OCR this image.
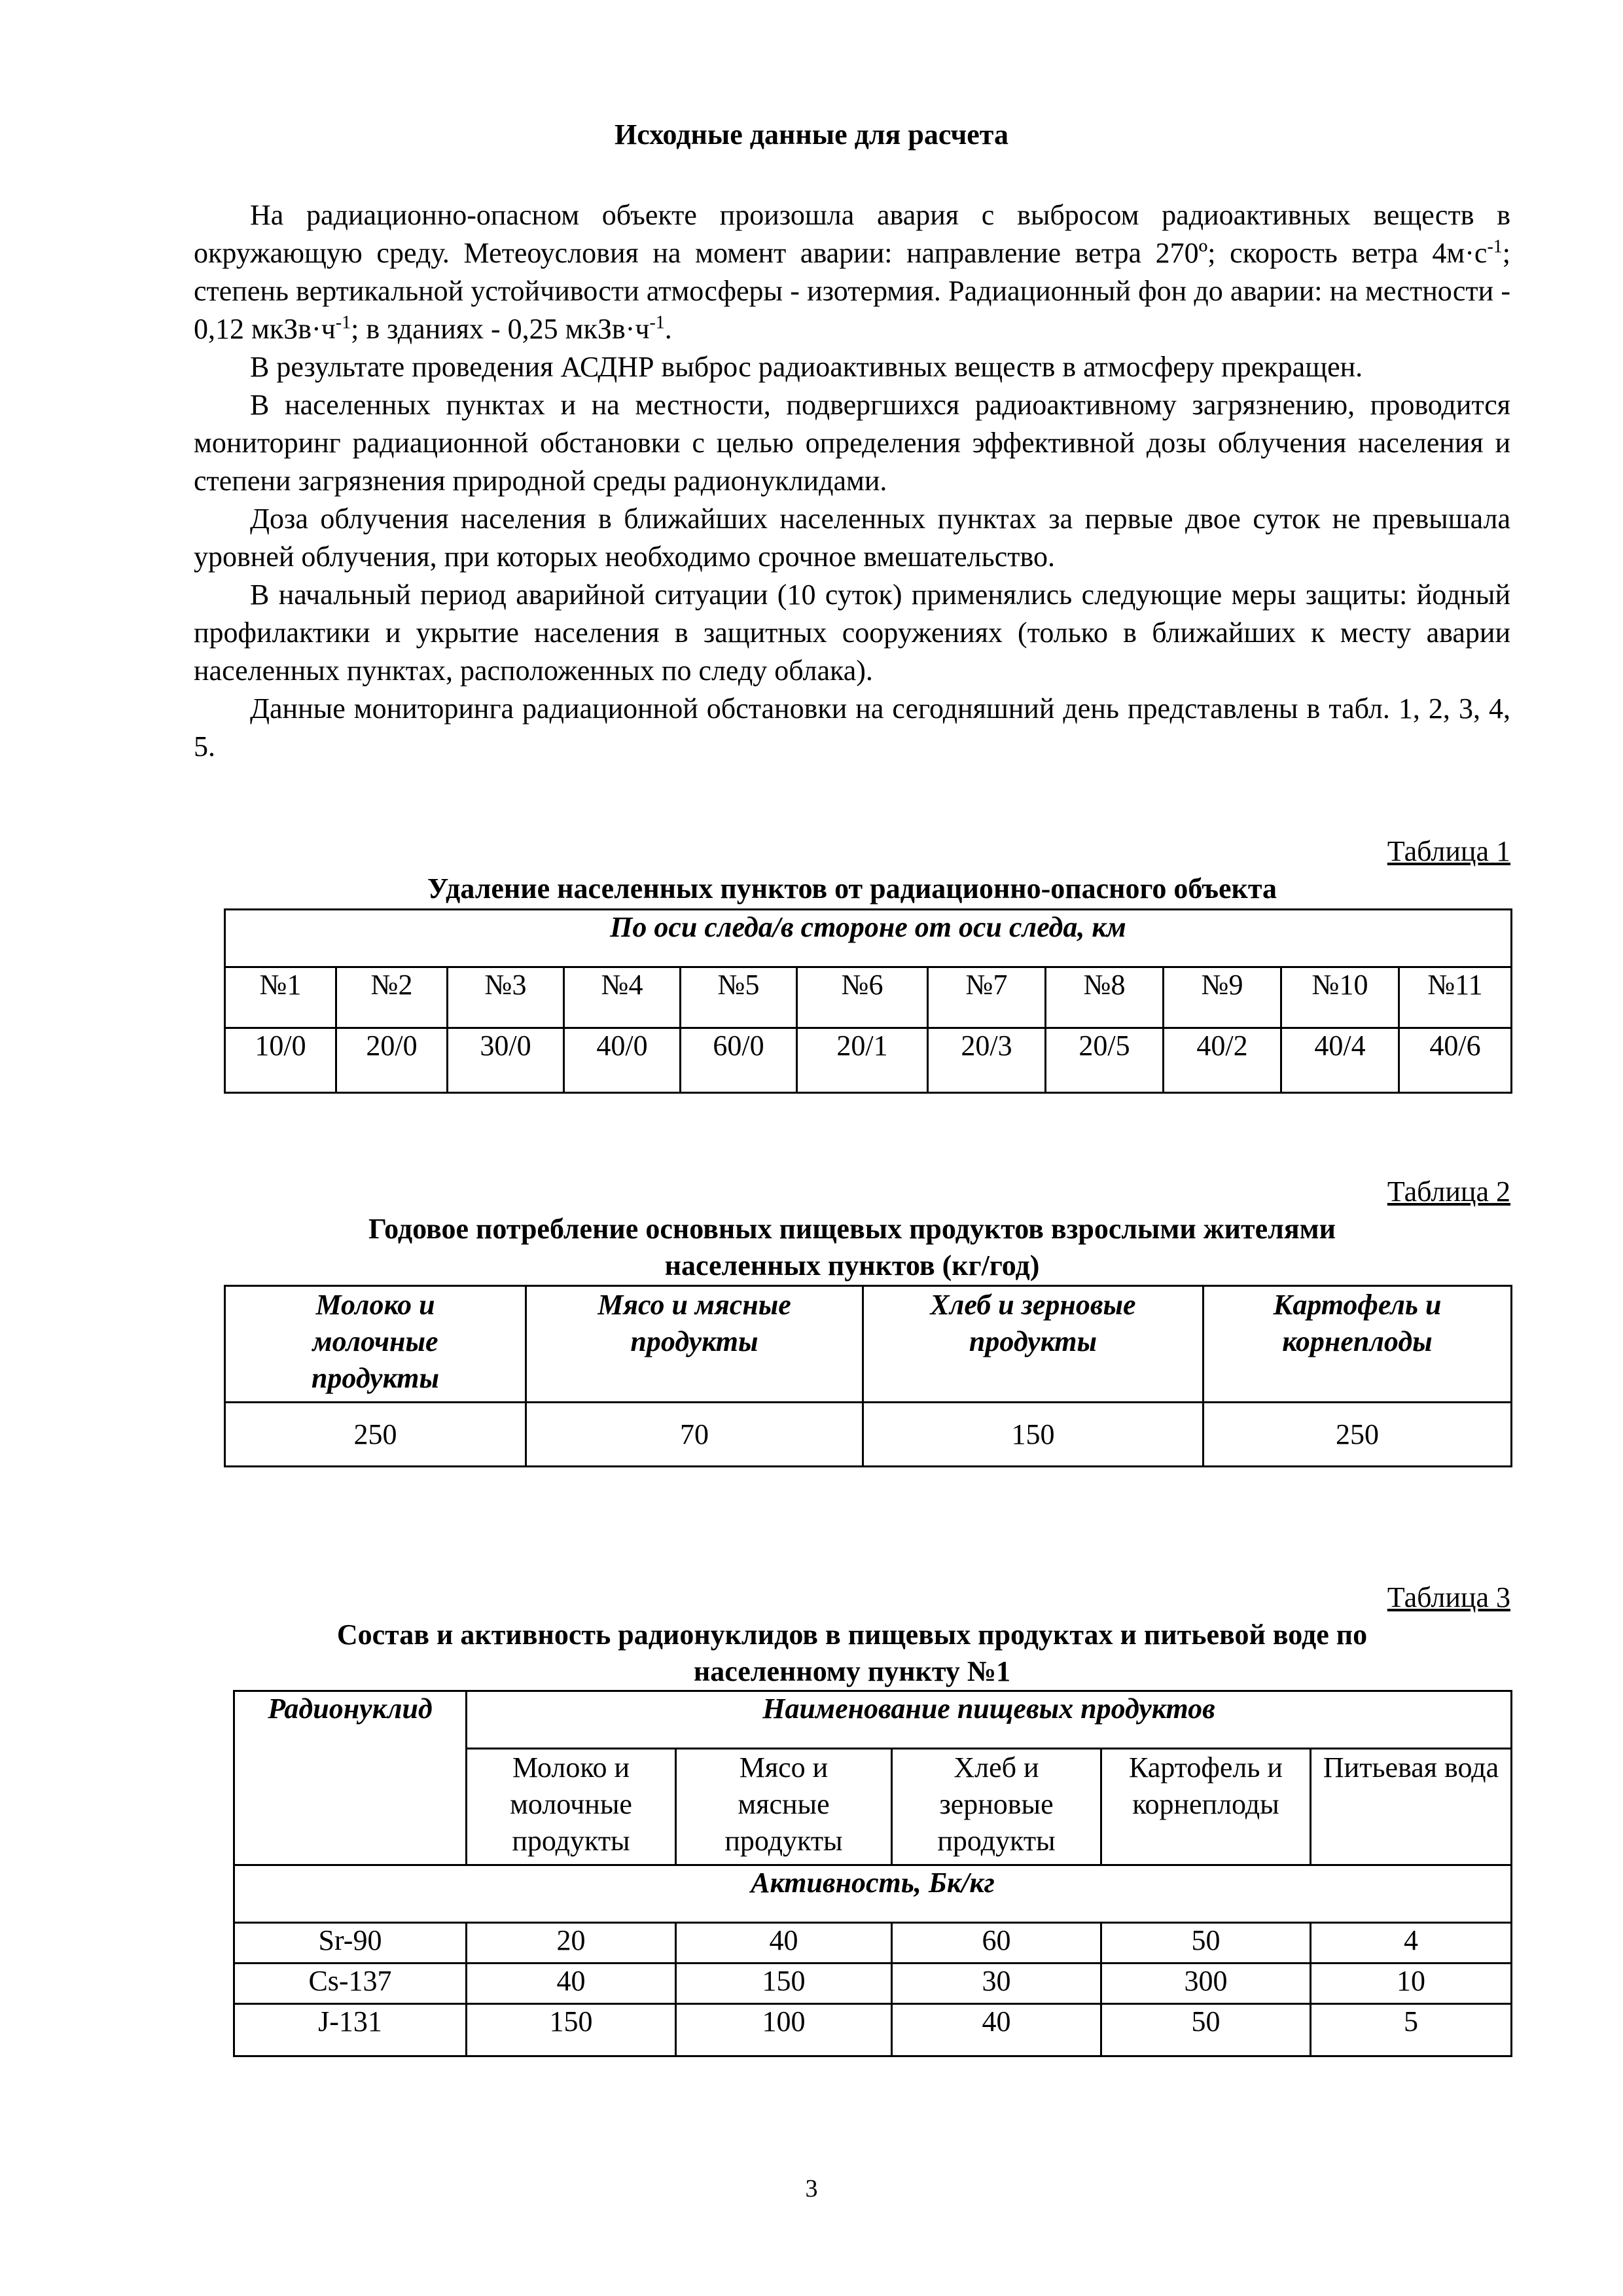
Исходные данные для расчета

На радиационно-опасном объекте произошла авария с выбросом радиоактивных веществ в окружающую среду. Метеоусловия на момент аварии: направление ветра 270º; скорость ветра $4м\cdot с^{-1}$; степень вертикальной устойчивости атмосферы - изотермия. Радиационный фон до аварии: на местности - 0,12 $мкЗв\cdot ч^{-1}$; в зданиях - 0,25 $мкЗв\cdot ч^{-1}$.

В результате проведения АСДНР выброс радиоактивных веществ в атмосферу прекращен.

В населенных пунктах и на местности, подвергшихся радиоактивному загрязнению, проводится мониторинг радиационной обстановки с целью определения эффективной дозы облучения населения и степени загрязнения природной среды радионуклидами.

Доза облучения населения в ближайших населенных пунктах за первые двое суток не превышала уровней облучения, при которых необходимо срочное вмешательство.

В начальный период аварийной ситуации (10 суток) применялись следующие меры защиты: йодный профилактики и укрытие населения в защитных сооружениях (только в ближайших к месту аварии населенных пунктах, расположенных по следу облака).

Данные мониторинга радиационной обстановки на сегодняшний день представлены в табл. 1, 2, 3, 4, 5.

Таблица 1
Удаление населенных пунктов от радиационно-опасного объекта
По оси следа/в стороне от оси следа, км										
№1	№2	№3	№4	№5	№6	№7	№8	№9	№10	№11
10/0	20/0	30/0	40/0	60/0	20/1	20/3	20/5	40/2	40/4	40/6
Таблица 2
Годовое потребление основных пищевых продуктов взрослыми жителями
населенных пунктов (кг/год)
Молоко и молочные продукты	Мясо и мясные продукты	Хлеб и зерновые продукты	Картофель и корнеплоды
250	70	150	250
Таблица 3
Состав и активность радионуклидов в пищевых продуктах и питьевой воде по
населенному пункту №1
Радионуклид	Наименование пищевых продуктов				
	Молоко и молочные продукты	Мясо и мясные продукты	Хлеб и зерновые продукты	Картофель и корнеплоды	Питьевая вода
Активность, Бк/кг					
Sr-90	20	40	60	50	4
Cs-137	40	150	30	300	10
J-131	150	100	40	50	5
3
